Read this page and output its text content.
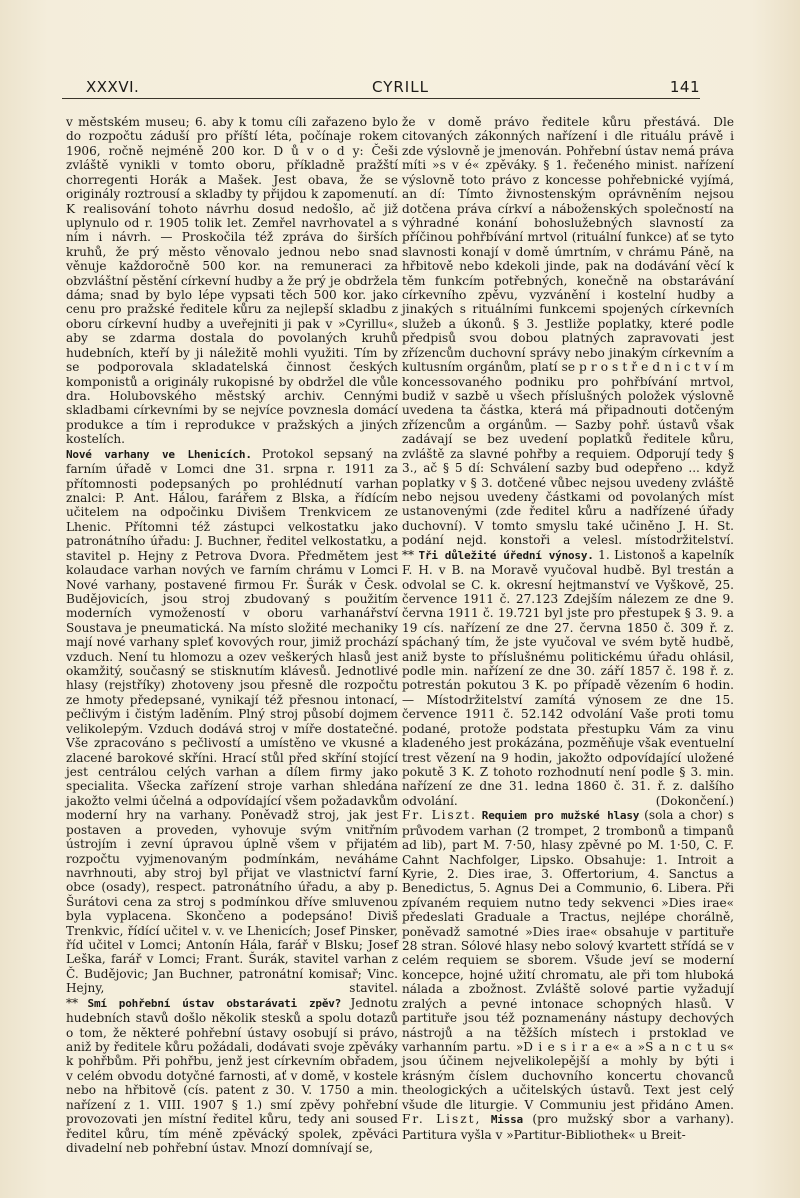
XXXVI.	CYRILL	141

v městském museu; 6. aby k tomu cíli zařazeno bylo do rozpočtu záduší pro příští léta, počínaje rokem 1906, ročně nejméně 200 kor. D ů v o d y: Češi zvláště vynikli v tomto oboru, příkladně pražští chorregenti Horák a Mašek. Jest obava, že se originály roztrousí a skladby ty přijdou k zapomenutí. K realisování tohoto návrhu dosud nedošlo, ač již uplynulo od r. 1905 tolik let. Zemřel navrhovatel a s ním i návrh. — Proskočila též zpráva do širších kruhů, že prý město věnovalo jednou nebo snad věnuje každoročně 500 kor. na remuneraci za obzvláštní pěstění církevní hudby a že prý je obdržela dáma; snad by bylo lépe vypsati těch 500 kor. jako cenu pro pražské ředitele kůru za nejlepší skladbu z oboru církevní hudby a uveřejniti ji pak v »Cyrillu«, aby se zdarma dostala do povolaných kruhů hudebních, kteří by ji náležitě mohli využiti. Tím by se podporovala skladatelská činnost českých komponistů a originály rukopisné by obdržel dle vůle dra. Holubovského městský archiv. Cennými skladbami církevními by se nejvíce povznesla domácí produkce a tím i reprodukce v pražských a jiných kostelích.

Nové varhany ve Lhenicích. Protokol sepsaný na farním úřadě v Lomci dne 31. srpna r. 1911 za přítomnosti podepsaných po prohlédnutí varhan znalci: P. Ant. Hálou, farářem z Blska, a řídícím učitelem na odpočinku Divišem Trenkvicem ze Lhenic. Přítomni též zástupci velkostatku jako patronátního úřadu: J. Buchner, ředitel velkostatku, a stavitel p. Hejny z Petrova Dvora. Předmětem jest kolaudace varhan nových ve farním chrámu v Lomci Nové varhany, postavené firmou Fr. Šurák v Česk. Budějovicích, jsou stroj zbudovaný s použitím moderních vymožeností v oboru varhanářství Soustava je pneumatická. Na místo složité mechaniky mají nové varhany spleť kovových rour, jimiž prochází vzduch. Není tu hlomozu a ozev veškerých hlasů jest okamžitý, současný se stisknutím klávesů. Jednotlivé hlasy (rejstříky) zhotoveny jsou přesně dle rozpočtu ze hmoty předepsané, vynikají též přesnou intonací, pečlivým i čistým laděním. Plný stroj působí dojmem velikolepým. Vzduch dodává stroj v míře dostatečné. Vše zpracováno s pečlivostí a umístěno ve vkusné a zlacené barokové skříni. Hrací stůl před skříní stojící jest centrálou celých varhan a dílem firmy jako specialita. Všecka zařízení stroje varhan shledána jakožto velmi účelná a odpovídající všem požadavkům moderní hry na varhany. Poněvadž stroj, jak jest postaven a proveden, vyhovuje svým vnitřním ústrojím i zevní úpravou úplně všem v přijatém rozpočtu vyjmenovaným podmínkám, neváháme navrhnouti, aby stroj byl přijat ve vlastnictví farní obce (osady), respect. patronátního úřadu, a aby p. Šurátovi cena za stroj s podmínkou dříve smluvenou byla vyplacena. Skončeno a podepsáno! Diviš Trenkvic, řídící učitel v. v. ve Lhenicích; Josef Pinsker, říd učitel v Lomci; Antonín Hála, farář v Blsku; Josef Leška, farář v Lomci; Frant. Šurák, stavitel varhan z Č. Budějovic; Jan Buchner, patronátní komisař; Vinc. Hejny, stavitel.

** Smí pohřební ústav obstarávati zpěv? Jednotu hudebních stavů došlo několik stesků a spolu dotazů o tom, že některé pohřební ústavy osobují si právo, aniž by ředitele kůru požádali, dodávati svoje zpěváky k pohřbům. Při pohřbu, jenž jest církevním obřadem, v celém obvodu dotyčné farnosti, ať v domě, v kostele nebo na hřbitově (cís. patent z 30. V. 1750 a min. nařízení z 1. VIII. 1907 § 1.) smí zpěvy pohřební provozovati jen místní ředitel kůru, tedy ani soused ředitel kůru, tím méně zpěvácký spolek, zpěváci divadelní neb pohřební ústav. Mnozí domnívají se,

že v domě právo ředitele kůru přestává. Dle citovaných zákonných nařízení i dle rituálu právě i zde výslovně je jmenován. Pohřební ústav nemá práva míti »s v é« zpěváky. § 1. řečeného minist. nařízení výslovně toto právo z koncesse pohřebnické vyjímá, an dí: Tímto živnostenským oprávněním nejsou dotčena práva církví a náboženských společností na výhradné konání bohoslužebných slavností za příčinou pohřbívání mrtvol (rituální funkce) ať se tyto slavnosti konají v domě úmrtním, v chrámu Páně, na hřbitově nebo kdekoli jinde, pak na dodávání věcí k těm funkcím potřebných, konečně na obstarávání církevního zpěvu, vyzvánění i kostelní hudby a jinakých s rituálními funkcemi spojených církevních služeb a úkonů. § 3. Jestliže poplatky, které podle předpisů svou dobou platných zapravovati jest zřízencům duchovní správy nebo jinakým církevním a kultusním orgánům, platí se p r o s t ř e d n i c t v í m koncessovaného podniku pro pohřbívání mrtvol, budiž v sazbě u všech příslušných položek výslovně uvedena ta částka, která má připadnouti dotčeným zřízencům a orgánům. — Sazby pohř. ústavů však zadávají se bez uvedení poplatků ředitele kůru, zvláště za slavné pohřby a requiem. Odporují tedy § 3., ač § 5 dí: Schválení sazby bud odepřeno ... když poplatky v § 3. dotčené vůbec nejsou uvedeny zvláště nebo nejsou uvedeny částkami od povolaných míst ustanovenými (zde ředitel kůru a nadřízené úřady duchovní). V tomto smyslu také učiněno J. H. St. podání nejd. konstoři a velesl. místodržitelství.

** Tři důležité úřední výnosy. 1. Listonoš a kapelník F. H. v B. na Moravě vyučoval hudbě. Byl trestán a odvolal se C. k. okresní hejtmanství ve Vyškově, 25. července 1911 č. 27.123 Zdejším nálezem ze dne 9. června 1911 č. 19.721 byl jste pro přestupek § 3. 9. a 19 cís. nařízení ze dne 27. června 1850 č. 309 ř. z. spáchaný tím, že jste vyučoval ve svém bytě hudbě, aniž byste to příslušnému politickému úřadu ohlásil, podle min. nařízení ze dne 30. září 1857 č. 198 ř. z. potrestán pokutou 3 K. po případě vězením 6 hodin. — Místodržitelství zamítá výnosem ze dne 15. července 1911 č. 52.142 odvolání Vaše proti tomu podané, protože podstata přestupku Vám za vinu kladeného jest prokázána, pozměňuje však eventuelní trest vězení na 9 hodin, jakožto odpovídající uložené pokutě 3 K. Z tohoto rozhodnutí není podle § 3. min. nařízení ze dne 31. ledna 1860 č. 31. ř. z. dalšího odvolání. (Dokončení.)

Fr. Liszt. Requiem pro mužské hlasy (sola a chor) s průvodem varhan (2 trompet, 2 trombonů a timpanů ad lib), part M. 7·50, hlasy zpěvné po M. 1·50, C. F. Cahnt Nachfolger, Lipsko. Obsahuje: 1. Introit a Kyrie, 2. Dies irae, 3. Offertorium, 4. Sanctus a Benedictus, 5. Agnus Dei a Communio, 6. Libera. Při zpívaném requiem nutno tedy sekvenci »Dies irae« předeslati Graduale a Tractus, nejlépe chorálně, poněvadž samotné »Dies irae« obsahuje v partituře 28 stran. Sólové hlasy nebo solový kvartett střídá se v celém requiem se sborem. Všude jeví se moderní koncepce, hojné užití chromatu, ale při tom hluboká nálada a zbožnost. Zvláště solové partie vyžadují zralých a pevné intonace schopných hlasů. V partituře jsou též poznamenány nástupy dechových nástrojů a na těžších místech i prstoklad ve varhanním partu. »D i e s i r a e« a »S a n c t u s« jsou účinem nejvelikolepější a mohly by býti i krásným číslem duchovního koncertu chovanců theologických a učitelských ústavů. Text jest celý všude dle liturgie. V Communiu jest přidáno Amen.

Fr. Liszt, Missa (pro mužský sbor a varhany). Partitura vyšla v »Partitur-Bibliothek« u Breit-
